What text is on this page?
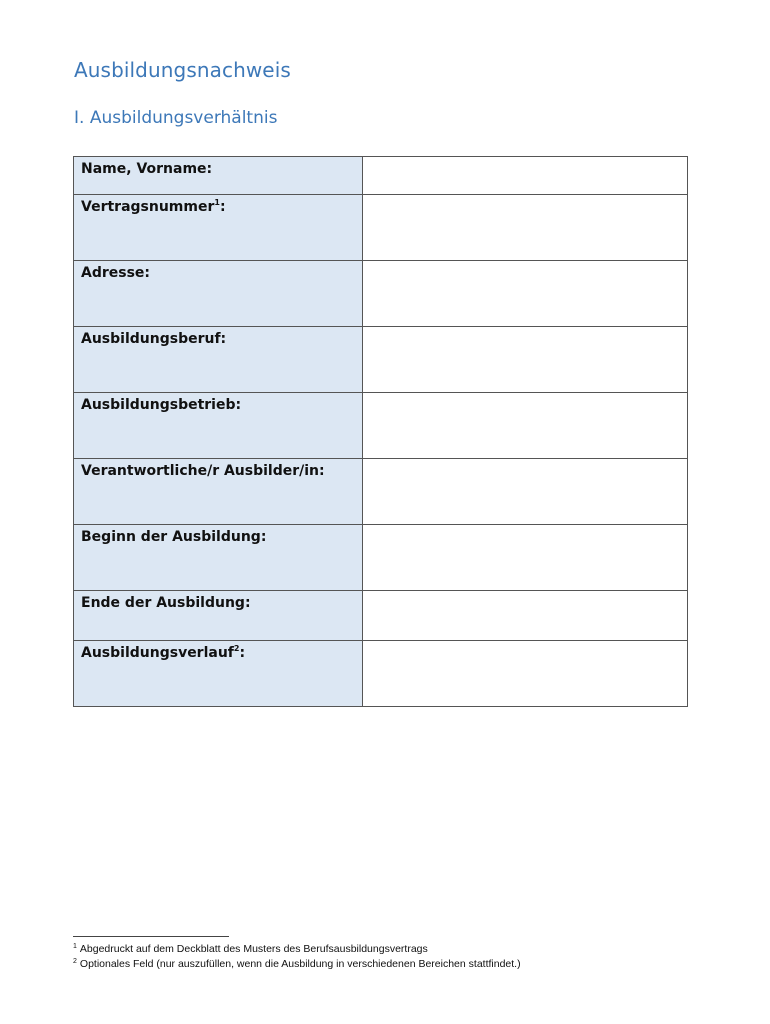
Ausbildungsnachweis
I. Ausbildungsverhältnis
Name, Vorname:	
Vertragsnummer$^1$:	
Adresse:	
Ausbildungsberuf:	
Ausbildungsbetrieb:	
Verantwortliche/r Ausbilder/in:	
Beginn der Ausbildung:	
Ende der Ausbildung:	
Ausbildungsverlauf$^2$:	
$^1$ Abgedruckt auf dem Deckblatt des Musters des Berufsausbildungsvertrags
$^2$ Optionales Feld (nur auszufüllen, wenn die Ausbildung in verschiedenen Bereichen stattfindet.)
